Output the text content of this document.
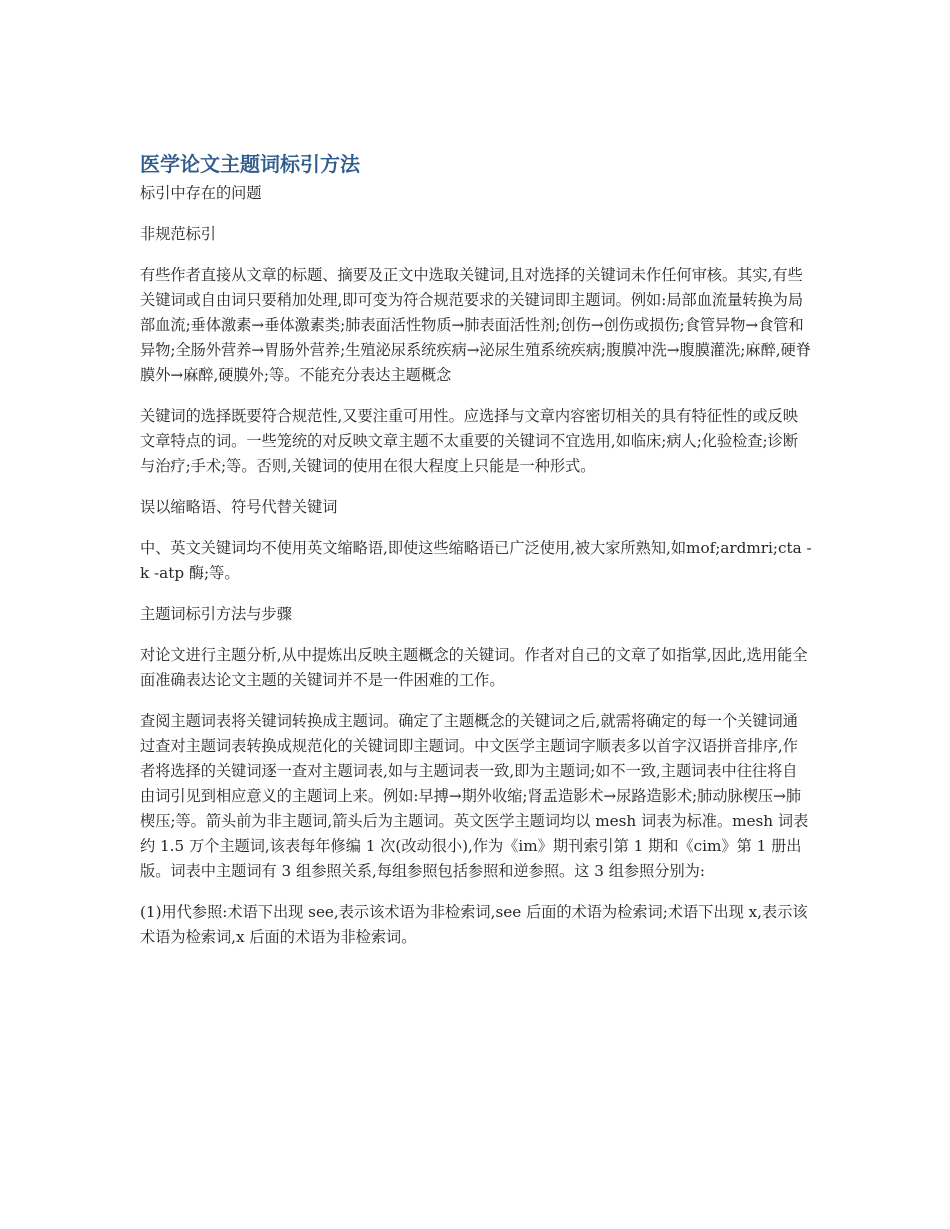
医学论文主题词标引方法

标引中存在的问题

非规范标引

有些作者直接从文章的标题、摘要及正文中选取关键词,且对选择的关键词未作任何审核。其实,有些关键词或自由词只要稍加处理,即可变为符合规范要求的关键词即主题词。例如:局部血流量转换为局部血流;垂体激素→垂体激素类;肺表面活性物质→肺表面活性剂;创伤→创伤或损伤;食管异物→食管和异物;全肠外营养→胃肠外营养;生殖泌尿系统疾病→泌尿生殖系统疾病;腹膜冲洗→腹膜灌洗;麻醉,硬脊膜外→麻醉,硬膜外;等。不能充分表达主题概念

关键词的选择既要符合规范性,又要注重可用性。应选择与文章内容密切相关的具有特征性的或反映文章特点的词。一些笼统的对反映文章主题不太重要的关键词不宜选用,如临床;病人;化验检查;诊断与治疗;手术;等。否则,关键词的使用在很大程度上只能是一种形式。

误以缩略语、符号代替关键词

中、英文关键词均不使用英文缩略语,即使这些缩略语已广泛使用,被大家所熟知,如mof;ardmri;cta -k -atp 酶;等。

主题词标引方法与步骤

对论文进行主题分析,从中提炼出反映主题概念的关键词。作者对自己的文章了如指掌,因此,选用能全面准确表达论文主题的关键词并不是一件困难的工作。

查阅主题词表将关键词转换成主题词。确定了主题概念的关键词之后,就需将确定的每一个关键词通过查对主题词表转换成规范化的关键词即主题词。中文医学主题词字顺表多以首字汉语拼音排序,作者将选择的关键词逐一查对主题词表,如与主题词表一致,即为主题词;如不一致,主题词表中往往将自由词引见到相应意义的主题词上来。例如:早搏→期外收缩;肾盂造影术→尿路造影术;肺动脉楔压→肺楔压;等。箭头前为非主题词,箭头后为主题词。英文医学主题词均以 mesh 词表为标准。mesh 词表约 1.5 万个主题词,该表每年修编 1 次(改动很小),作为《im》期刊索引第 1 期和《cim》第 1 册出版。词表中主题词有 3 组参照关系,每组参照包括参照和逆参照。这 3 组参照分别为:

(1)用代参照:术语下出现 see,表示该术语为非检索词,see 后面的术语为检索词;术语下出现 x,表示该术语为检索词,x 后面的术语为非检索词。
